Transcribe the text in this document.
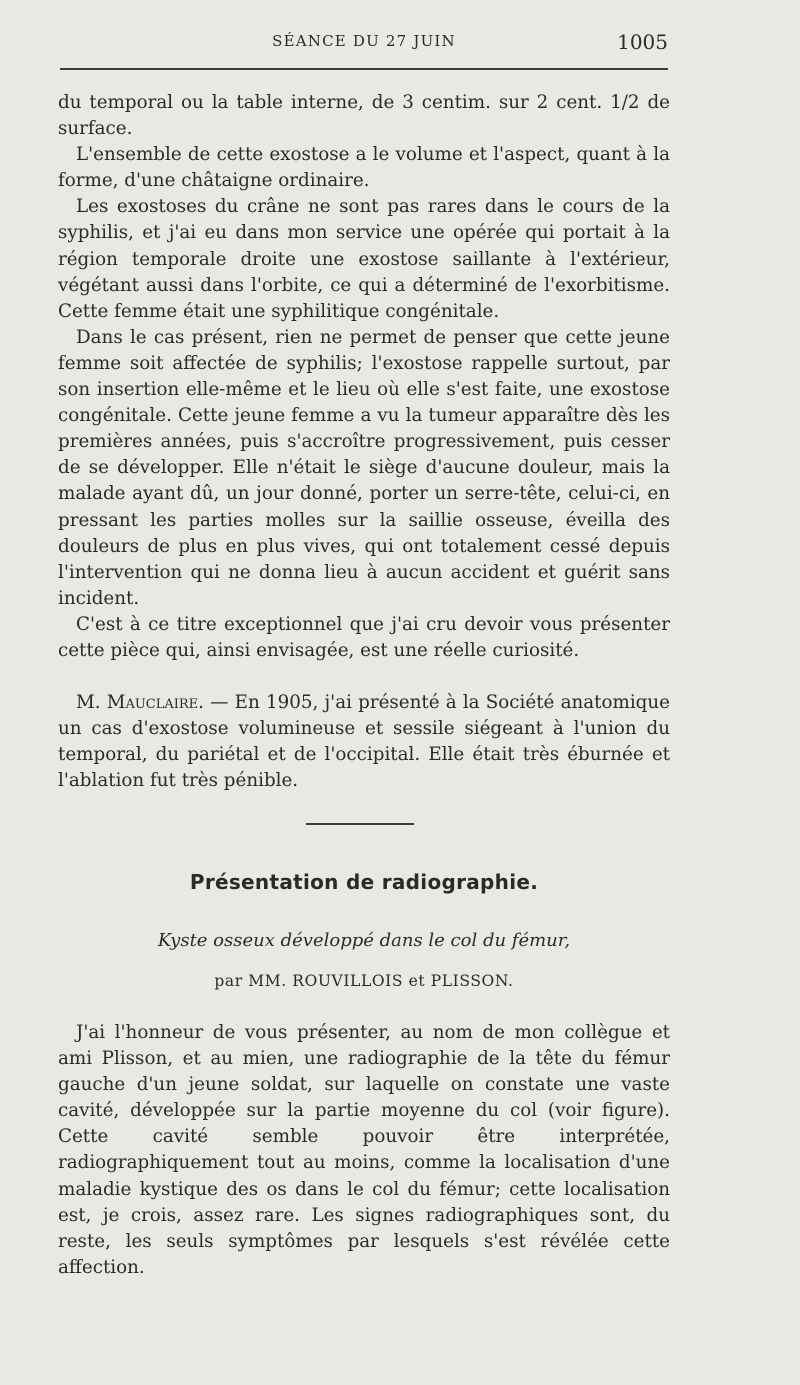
SÉANCE DU 27 JUIN	1005

du temporal ou la table interne, de 3 centim. sur 2 cent. 1/2 de surface.

L'ensemble de cette exostose a le volume et l'aspect, quant à la forme, d'une châtaigne ordinaire.

Les exostoses du crâne ne sont pas rares dans le cours de la syphilis, et j'ai eu dans mon service une opérée qui portait à la région temporale droite une exostose saillante à l'extérieur, végétant aussi dans l'orbite, ce qui a déterminé de l'exorbitisme. Cette femme était une syphilitique congénitale.

Dans le cas présent, rien ne permet de penser que cette jeune femme soit affectée de syphilis; l'exostose rappelle surtout, par son insertion elle-même et le lieu où elle s'est faite, une exostose congénitale. Cette jeune femme a vu la tumeur apparaître dès les premières années, puis s'accroître progressivement, puis cesser de se développer. Elle n'était le siège d'aucune douleur, mais la malade ayant dû, un jour donné, porter un serre-tête, celui-ci, en pressant les parties molles sur la saillie osseuse, éveilla des douleurs de plus en plus vives, qui ont totalement cessé depuis l'intervention qui ne donna lieu à aucun accident et guérit sans incident.

C'est à ce titre exceptionnel que j'ai cru devoir vous présenter cette pièce qui, ainsi envisagée, est une réelle curiosité.

M. Mauclaire. — En 1905, j'ai présenté à la Société anatomique un cas d'exostose volumineuse et sessile siégeant à l'union du temporal, du pariétal et de l'occipital. Elle était très éburnée et l'ablation fut très pénible.

Présentation de radiographie.
Kyste osseux développé dans le col du fémur,
par MM. ROUVILLOIS et PLISSON.

J'ai l'honneur de vous présenter, au nom de mon collègue et ami Plisson, et au mien, une radiographie de la tête du fémur gauche d'un jeune soldat, sur laquelle on constate une vaste cavité, développée sur la partie moyenne du col (voir figure). Cette cavité semble pouvoir être interprétée, radiographiquement tout au moins, comme la localisation d'une maladie kystique des os dans le col du fémur; cette localisation est, je crois, assez rare. Les signes radiographiques sont, du reste, les seuls symptômes par lesquels s'est révélée cette affection.
